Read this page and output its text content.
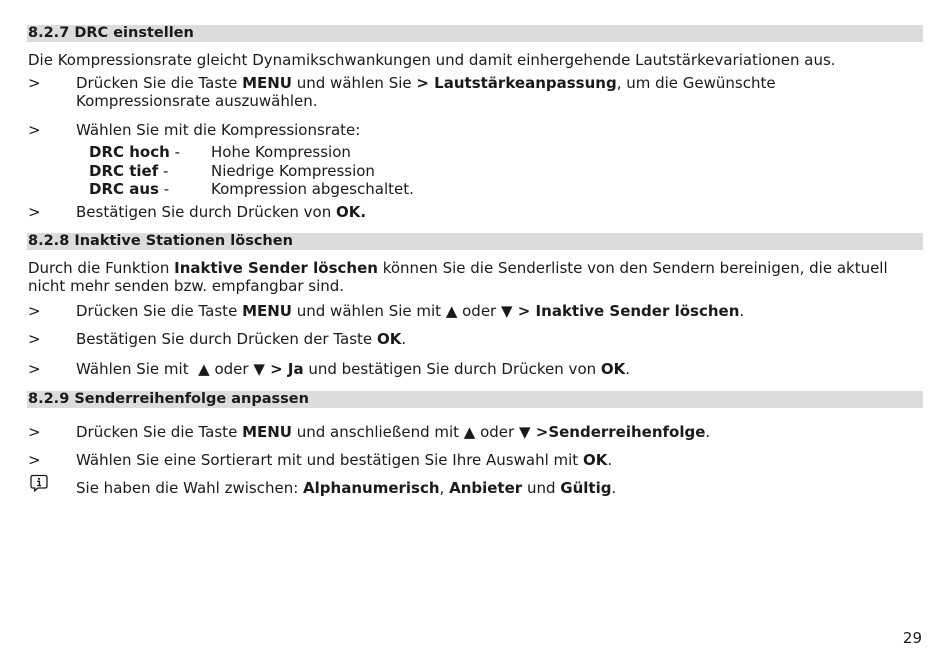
8.2.7 DRC einstellen
Die Kompressionsrate gleicht Dynamikschwankungen und damit einhergehende Lautstärkevariationen aus.
> Drücken Sie die Taste MENU und wählen Sie > Lautstärkeanpassung, um die Gewünschte Kompressionsrate auszuwählen.
> Wählen Sie mit die Kompressionsrate:
DRC hoch - Hohe Kompression
DRC tief -	Niedrige Kompression
DRC aus -	Kompression abgeschaltet.
> Bestätigen Sie durch Drücken von OK.
8.2.8 Inaktive Stationen löschen
Durch die Funktion Inaktive Sender löschen können Sie die Senderliste von den Sendern bereinigen, die aktuell nicht mehr senden bzw. empfangbar sind.
> Drücken Sie die Taste MENU und wählen Sie mit ▲ oder ▼ > Inaktive Sender löschen.
> Bestätigen Sie durch Drücken der Taste OK.
> Wählen Sie mit  ▲ oder ▼ > Ja und bestätigen Sie durch Drücken von OK.
8.2.9 Senderreihenfolge anpassen
> Drücken Sie die Taste MENU und anschließend mit ▲ oder ▼ >Senderreihenfolge.
> Wählen Sie eine Sortierart mit und bestätigen Sie Ihre Auswahl mit OK.
Sie haben die Wahl zwischen: Alphanumerisch, Anbieter und Gültig.
29
